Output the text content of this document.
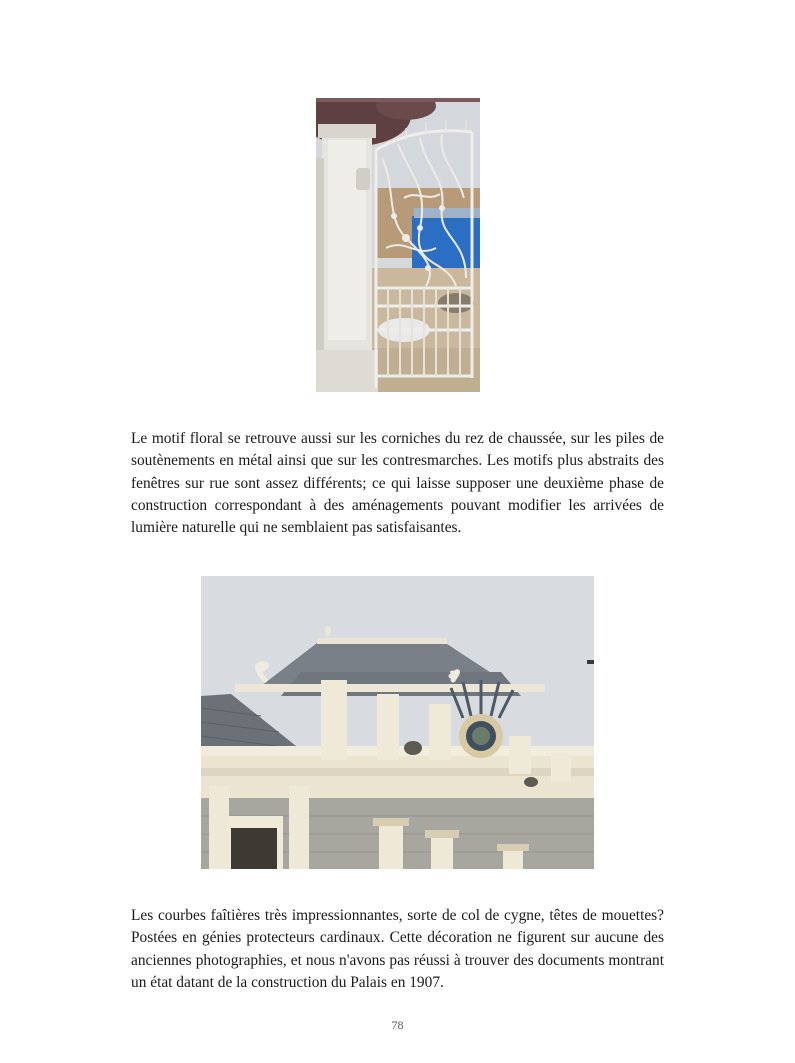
Le motif floral se retrouve aussi sur les corniches du rez de chaussée, sur les piles de soutènements en métal ainsi que sur les contresmarches. Les motifs plus abstraits des fenêtres sur rue sont assez différents; ce qui laisse supposer une deuxième phase de construction correspondant à des aménagements pouvant modifier les arrivées de lumière naturelle qui ne semblaient pas satisfaisantes.

Les courbes faîtières très impressionnantes, sorte de col de cygne, têtes de mouettes? Postées en génies protecteurs cardinaux. Cette décoration ne figurent sur aucune des anciennes photographies, et nous n'avons pas réussi à trouver des documents montrant un état datant de la construction du Palais en 1907.

78
